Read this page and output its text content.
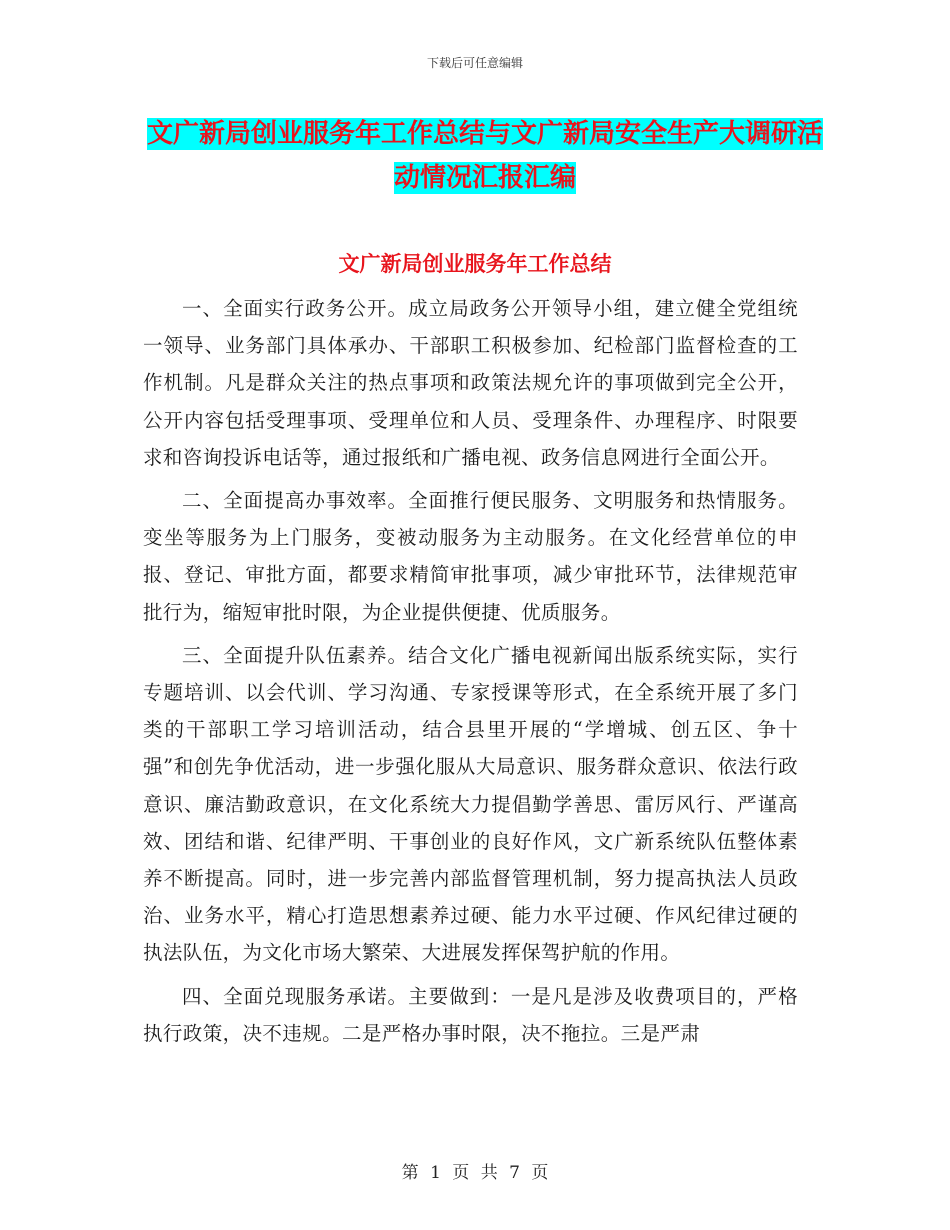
下载后可任意编辑
文广新局创业服务年工作总结与文广新局安全生产大调研活动情况汇报汇编
文广新局创业服务年工作总结

一、全面实行政务公开。成立局政务公开领导小组，建立健全党组统一领导、业务部门具体承办、干部职工积极参加、纪检部门监督检查的工作机制。凡是群众关注的热点事项和政策法规允许的事项做到完全公开，公开内容包括受理事项、受理单位和人员、受理条件、办理程序、时限要求和咨询投诉电话等，通过报纸和广播电视、政务信息网进行全面公开。

二、全面提高办事效率。全面推行便民服务、文明服务和热情服务。变坐等服务为上门服务，变被动服务为主动服务。在文化经营单位的申报、登记、审批方面，都要求精简审批事项，减少审批环节，法律规范审批行为，缩短审批时限，为企业提供便捷、优质服务。

三、全面提升队伍素养。结合文化广播电视新闻出版系统实际，实行专题培训、以会代训、学习沟通、专家授课等形式，在全系统开展了多门类的干部职工学习培训活动，结合县里开展的“学增城、创五区、争十强”和创先争优活动，进一步强化服从大局意识、服务群众意识、依法行政意识、廉洁勤政意识，在文化系统大力提倡勤学善思、雷厉风行、严谨高效、团结和谐、纪律严明、干事创业的良好作风，文广新系统队伍整体素养不断提高。同时，进一步完善内部监督管理机制，努力提高执法人员政治、业务水平，精心打造思想素养过硬、能力水平过硬、作风纪律过硬的执法队伍，为文化市场大繁荣、大进展发挥保驾护航的作用。

四、全面兑现服务承诺。主要做到：一是凡是涉及收费项目的，严格执行政策，决不违规。二是严格办事时限，决不拖拉。三是严肃

第 1 页 共 7 页
